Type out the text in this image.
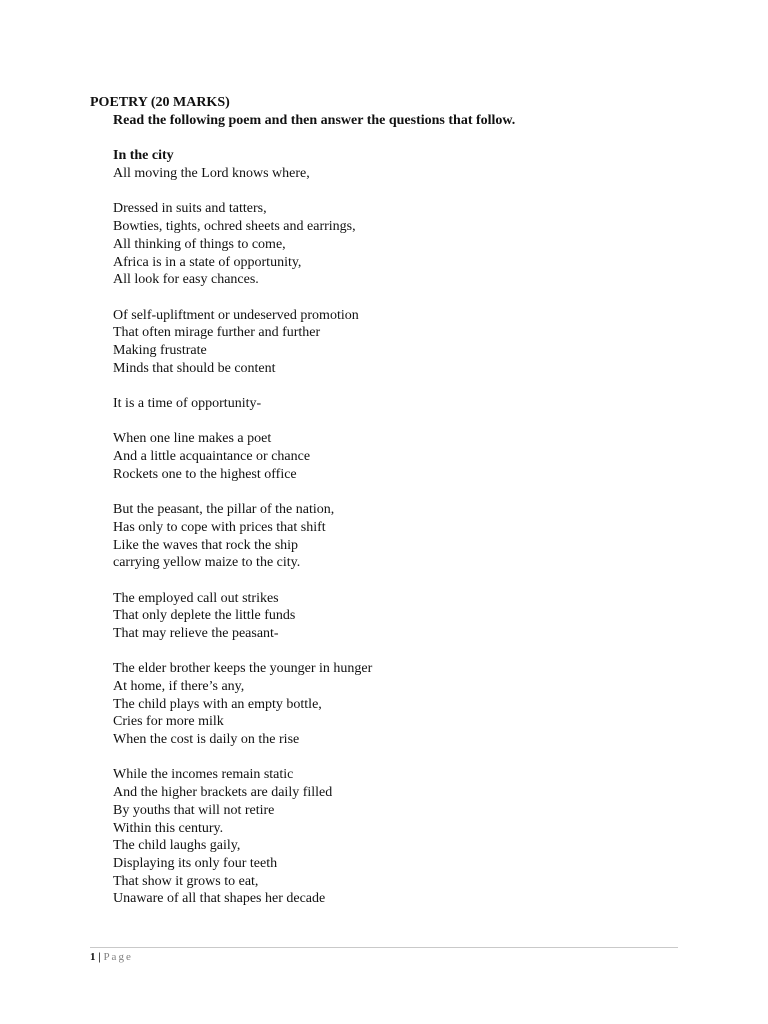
POETRY (20 MARKS)
Read the following poem and then answer the questions that follow.
In the city
All moving the Lord knows where,
Dressed in suits and tatters,
Bowties, tights, ochred sheets and earrings,
All thinking of things to come,
Africa is in a state of opportunity,
All look for easy chances.
Of self-upliftment or undeserved promotion
That often mirage further and further
Making frustrate
Minds that should be content
It is a time of opportunity-
When one line makes a poet
And a little acquaintance or chance
Rockets one to the highest office
But the peasant, the pillar of the nation,
Has only to cope with prices that shift
Like the waves that rock the ship
carrying yellow maize to the city.
The employed call out strikes
That only deplete the little funds
That may relieve the peasant-
The elder brother keeps the younger in hunger
At home, if there’s any,
The child plays with an empty bottle,
Cries for more milk
When the cost is daily on the rise
While the incomes remain static
And the higher brackets are daily filled
By youths that will not retire
Within this century.
The child laughs gaily,
Displaying its only four teeth
That show it grows to eat,
Unaware of all that shapes her decade
1 | Page
